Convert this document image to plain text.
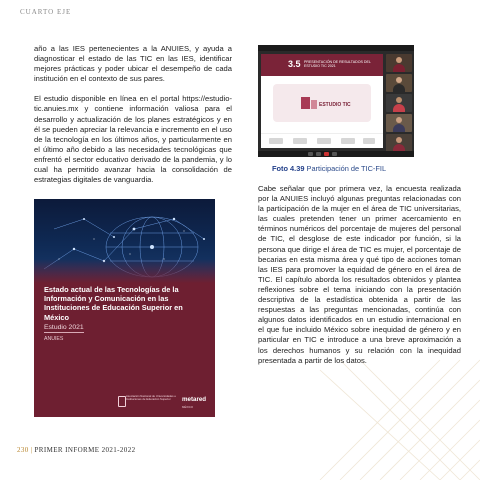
CUARTO EJE

año a las IES pertenecientes a la ANUIES, y ayuda a diagnosticar el estado de las TIC en las IES, identificar mejores prácticas y poder ubicar el desempeño de cada institución en el contexto de sus pares.

El estudio disponible en línea en el portal https://estudio-tic.anuies.mx y contiene información valiosa para el desarrollo y actualización de los planes estratégicos y en él se pueden apreciar la relevancia e incremento en el uso de la tecnología en los últimos años, y particularmente en el último año debido a las necesidades tecnológicas que enfrentó el sector educativo derivado de la pandemia, y lo cual ha permitido avanzar hacia la consolidación de estrategias digitales de vanguardia.

3.5 PRESENTACIÓN DE RESULTADOS DEL ESTUDIO TIC 2021
ESTUDIO TIC
Foto 4.39 Participación de TIC-FIL

Cabe señalar que por primera vez, la encuesta realizada por la ANUIES incluyó algunas preguntas relacionadas con la participación de la mujer en el área de TIC universitarias, las cuales pretenden tener un primer acercamiento en términos numéricos del porcentaje de mujeres del personal de TIC, el desglose de este indicador por función, si la persona que dirige el área de TIC es mujer, el porcentaje de becarias en esta misma área y qué tipo de acciones toman las IES para promover la equidad de género en el área de TIC. El capítulo aborda los resultados obtenidos y plantea reflexiones sobre el tema iniciando con la presentación descriptiva de la estadística obtenida a partir de las respuestas a las preguntas mencionadas, continúa con algunos datos identificados en un estudio internacional en el que fue incluido México sobre inequidad de género y en particular en TIC e introduce a una breve aproximación a los derechos humanos y su relación con la inequidad presentada a partir de los datos.

Estado actual de las Tecnologías de la Información y Comunicación en las Instituciones de Educación Superior en México
Estudio 2021
ANUIES
Asociación Nacional de Universidades e Instituciones de Educación Superior	metared
MÉXICO
230 | PRIMER INFORME 2021-2022
